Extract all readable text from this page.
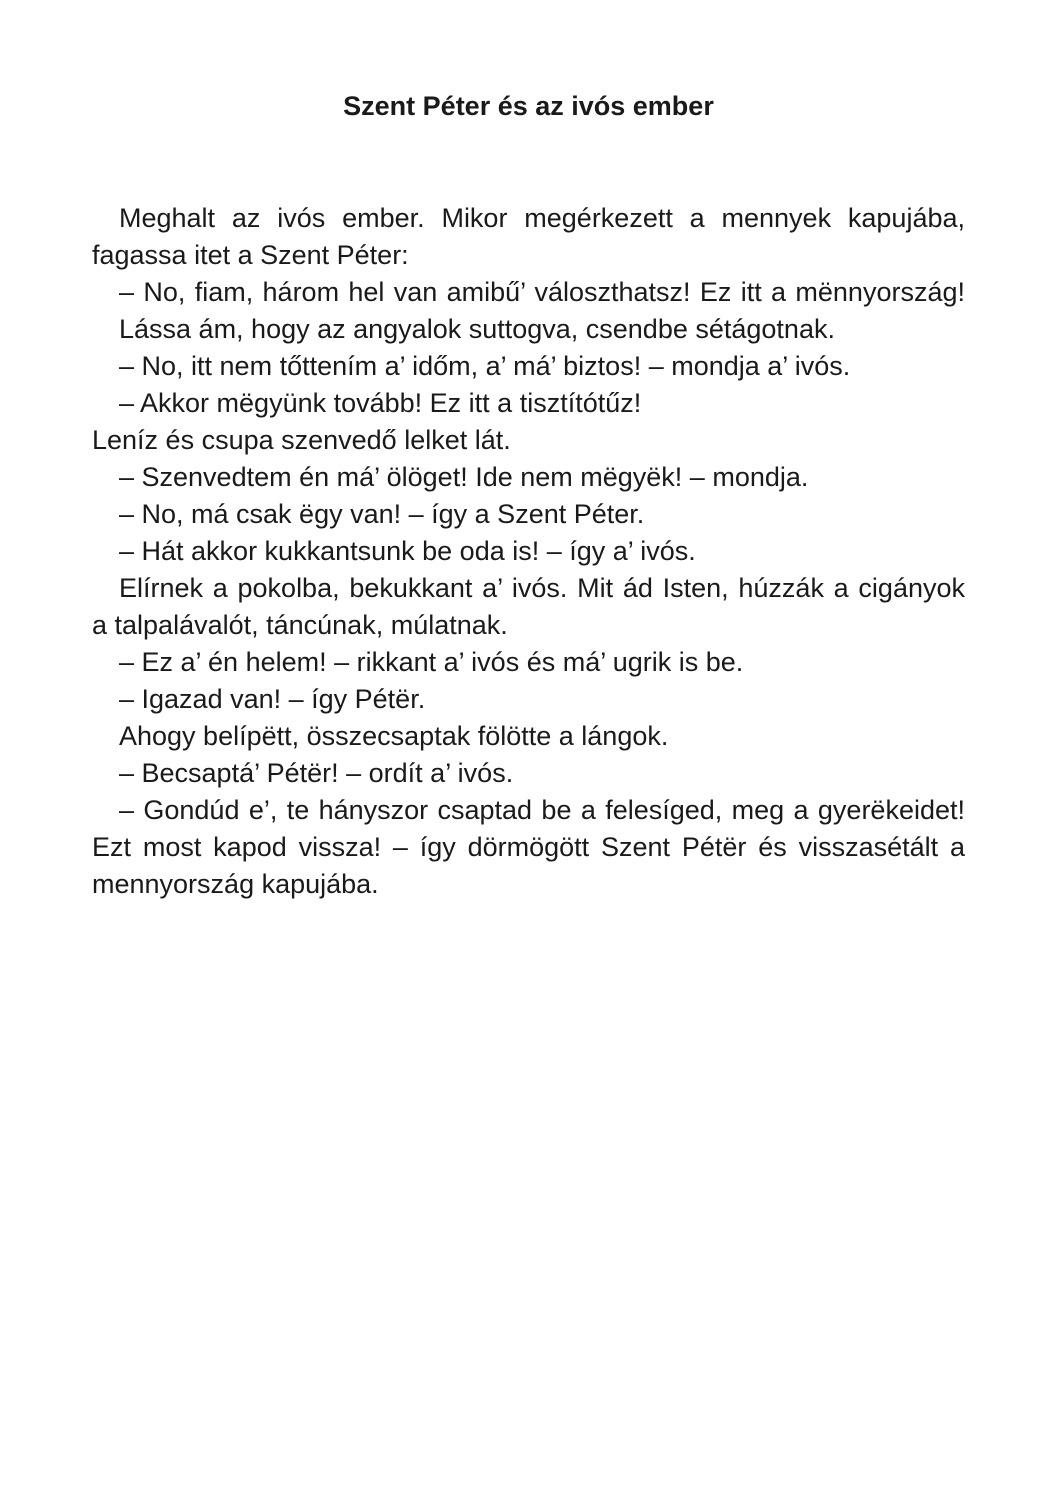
Szent Péter és az ivós ember
Meghalt az ivós ember. Mikor megérkezett a mennyek kapujába,
fagassa itet a Szent Péter:
– No, fiam, három hel van amibű’ váloszthatsz! Ez itt a mënnyország!
Lássa ám, hogy az angyalok suttogva, csendbe sétágotnak.
– No, itt nem tőttením a’ időm, a’ má’ biztos! – mondja a’ ivós.
– Akkor mëgyünk tovább! Ez itt a tisztítótűz!
Leníz és csupa szenvedő lelket lát.
– Szenvedtem én má’ ölöget! Ide nem mëgyëk! – mondja.
– No, má csak ëgy van! – így a Szent Péter.
– Hát akkor kukkantsunk be oda is! – így a’ ivós.
Elírnek a pokolba, bekukkant a’ ivós. Mit ád Isten, húzzák a cigányok
a talpalávalót, táncúnak, múlatnak.
– Ez a’ én helem! – rikkant a’ ivós és má’ ugrik is be.
– Igazad van! – így Pétër.
Ahogy belípëtt, összecsaptak fölötte a lángok.
– Becsaptá’ Pétër! – ordít a’ ivós.
– Gondúd e’, te hányszor csaptad be a felesíged, meg a gyerëkeidet!
Ezt most kapod vissza! – így dörmögött Szent Pétër és visszasétált a
mennyország kapujába.
